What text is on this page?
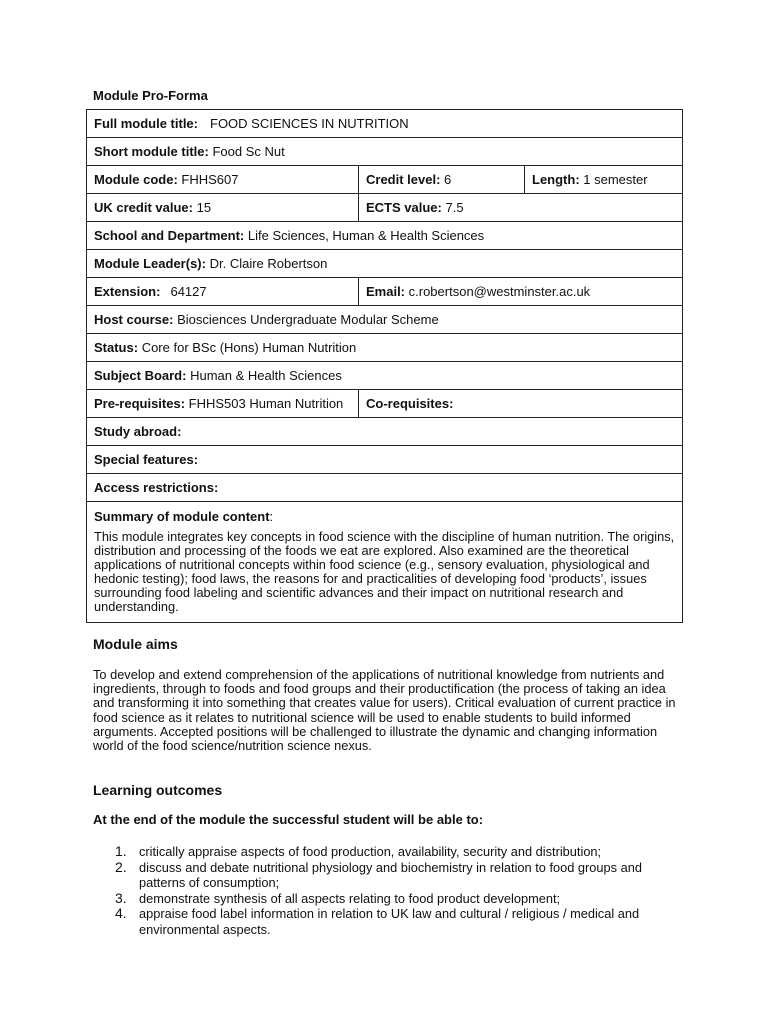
Module Pro-Forma
Full module title: FOOD SCIENCES IN NUTRITION		
Short module title: Food Sc Nut		
Module code: FHHS607	Credit level: 6	Length: 1 semester
UK credit value: 15	ECTS value: 7.5	
School and Department: Life Sciences, Human & Health Sciences		
Module Leader(s): Dr. Claire Robertson		
Extension: 64127	Email: c.robertson@westminster.ac.uk	
Host course: Biosciences Undergraduate Modular Scheme		
Status: Core for BSc (Hons) Human Nutrition		
Subject Board: Human & Health Sciences		
Pre-requisites: FHHS503 Human Nutrition	Co-requisites:	
Study abroad:		
Special features:		
Access restrictions:		
Summary of module content:
This module integrates key concepts in food science with the discipline of human nutrition. The origins, distribution and processing of the foods we eat are explored. Also examined are the theoretical applications of nutritional concepts within food science (e.g., sensory evaluation, physiological and hedonic testing); food laws, the reasons for and practicalities of developing food ‘products’, issues surrounding food labeling and scientific advances and their impact on nutritional research and understanding.		
Module aims
To develop and extend comprehension of the applications of nutritional knowledge from nutrients and ingredients, through to foods and food groups and their productification (the process of taking an idea and transforming it into something that creates value for users). Critical evaluation of current practice in food science as it relates to nutritional science will be used to enable students to build informed arguments. Accepted positions will be challenged to illustrate the dynamic and changing information world of the food science/nutrition science nexus.
Learning outcomes
At the end of the module the successful student will be able to:
1. critically appraise aspects of food production, availability, security and distribution;
2. discuss and debate nutritional physiology and biochemistry in relation to food groups and patterns of consumption;
3. demonstrate synthesis of all aspects relating to food product development;
4. appraise food label information in relation to UK law and cultural / religious / medical and environmental aspects.
